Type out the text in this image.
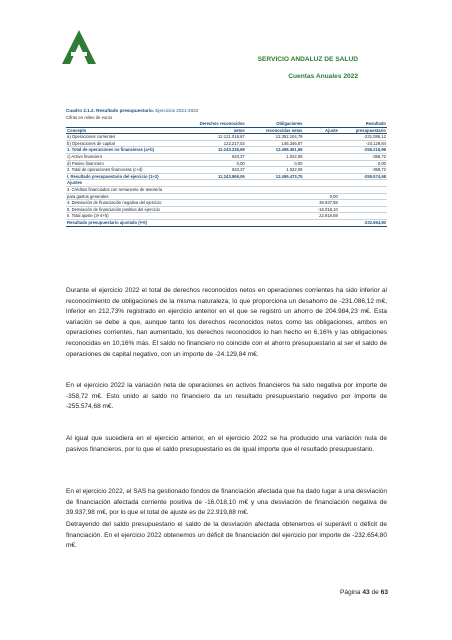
SERVICIO ANDALUZ DE SALUD
Cuentas Anuales 2022
Cuadro 2.1.2. Resultado presupuestario. Ejercicios 2021-2022
Cifras en miles de euros
	Derechos reconocidos	Obligaciones		Resultado
Concepto	netos	reconocidas netas	Ajuste	presupuestario
a) Operaciones corrientes	12.121.018,67	12.352.104,79		-231.086,12
b) Operaciones de capital	122.217,02	146.346,87		-24.129,84
1. Total de operaciones no financieras (a+b)	12.243.235,69	12.498.451,66		-255.215,96
c) Activo financiero	633,37	1.022,09		-358,72
d) Pasivo financiero	0,00	0,00		0,00
2. Total de operaciones financieras (c+d)	633,37	1.022,09		-358,72
I. Resultado presupuestario del ejercicio (1+2)	12.243.869,06	12.499.473,75		-255.574,68
Ajustes				
3. Créditos financiados con remanente de tesorería				
para gastos generales			0,00	
4. Desviación de financiación negativa del ejercicio			38.937,98	
5. Desviación de financiación positiva del ejercicio			-16.018,10	
II. Total ajuste (3+4+5)			22.919,88	
Resultado presupuestario ajustado (I+II)				-232.654,80

Durante el ejercicio 2022 el total de derechos reconocidos netos en operaciones corrientes ha sido inferior al reconocimiento de obligaciones de la misma naturaleza, lo que proporciona un desahorro de -231.086,12 m€, inferior en 212,73% registrado en ejercicio anterior en el que se registró un ahorro de 204.984,23 m€. Esta variación se debe a que, aunque tanto los derechos reconocidos netos como las obligaciones, ambos en operaciones corrientes, han aumentado, los derechos reconocidos lo han hecho en 6,16% y las obligaciones reconocidas en 10,16% más. El saldo no financiero no coincide con el ahorro presupuestario al ser el saldo de operaciones de capital negativo, con un importe de -24.129,84 m€.

En el ejercicio 2022 la variación neta de operaciones en activos financieros ha sido negativa por importe de -358,72 m€. Esto unido al saldo no financiero da un resultado presupuestario negativo por importe de -255.574,68 m€.

Al igual que sucediera en el ejercicio anterior, en el ejercicio 2022 se ha producido una variación nula de pasivos financieros, por lo que el saldo presupuestario es de igual importe que el resultado presupuestario.

En el ejercicio 2022, el SAS ha gestionado fondos de financiación afectada que ha dado lugar a una desviación de financiación afectada corriente positiva de -16.018,10 m€ y una desviación de financiación negativa de 39.937,98 m€, por lo que el total de ajuste es de 22.919,88 m€.

Detrayendo del saldo presupuestario el saldo de la desviación afectada obtenemos el superávit o déficit de financiación. En el ejercicio 2022 obtenemos un déficit de financiación del ejercicio por importe de -232.654,80 m€.

Página 43 de 63
